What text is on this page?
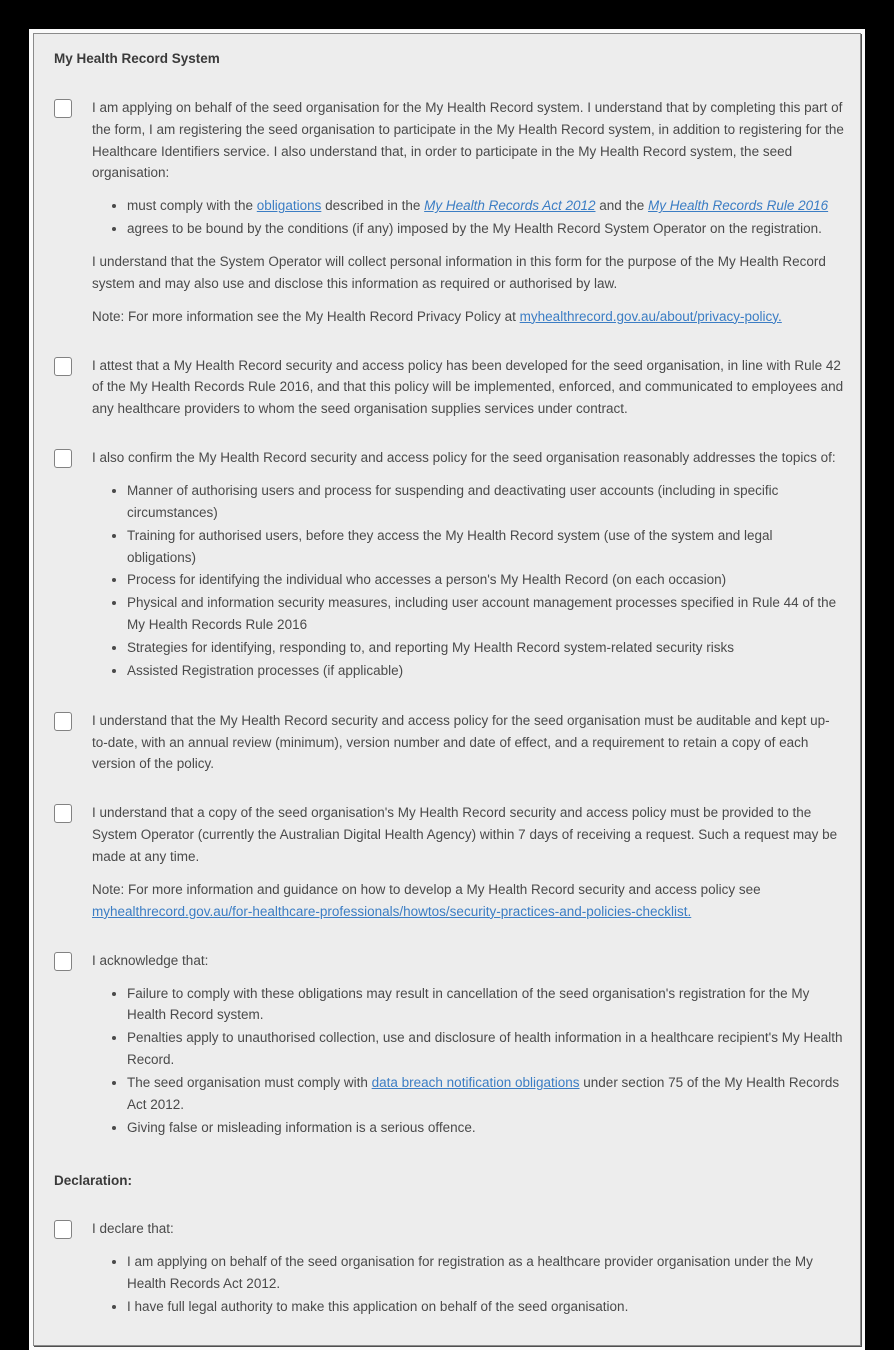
My Health Record System

I am applying on behalf of the seed organisation for the My Health Record system. I understand that by completing this part of the form, I am registering the seed organisation to participate in the My Health Record system, in addition to registering for the Healthcare Identifiers service. I also understand that, in order to participate in the My Health Record system, the seed organisation:

• must comply with the obligations described in the My Health Records Act 2012 and the My Health Records Rule 2016
• agrees to be bound by the conditions (if any) imposed by the My Health Record System Operator on the registration.

I understand that the System Operator will collect personal information in this form for the purpose of the My Health Record system and may also use and disclose this information as required or authorised by law.

Note: For more information see the My Health Record Privacy Policy at myhealthrecord.gov.au/about/privacy-policy.

I attest that a My Health Record security and access policy has been developed for the seed organisation, in line with Rule 42 of the My Health Records Rule 2016, and that this policy will be implemented, enforced, and communicated to employees and any healthcare providers to whom the seed organisation supplies services under contract.

I also confirm the My Health Record security and access policy for the seed organisation reasonably addresses the topics of:

• Manner of authorising users and process for suspending and deactivating user accounts (including in specific circumstances)
• Training for authorised users, before they access the My Health Record system (use of the system and legal obligations)
• Process for identifying the individual who accesses a person's My Health Record (on each occasion)
• Physical and information security measures, including user account management processes specified in Rule 44 of the My Health Records Rule 2016
• Strategies for identifying, responding to, and reporting My Health Record system-related security risks
• Assisted Registration processes (if applicable)

I understand that the My Health Record security and access policy for the seed organisation must be auditable and kept up-to-date, with an annual review (minimum), version number and date of effect, and a requirement to retain a copy of each version of the policy.

I understand that a copy of the seed organisation's My Health Record security and access policy must be provided to the System Operator (currently the Australian Digital Health Agency) within 7 days of receiving a request. Such a request may be made at any time.

Note: For more information and guidance on how to develop a My Health Record security and access policy see myhealthrecord.gov.au/for-healthcare-professionals/howtos/security-practices-and-policies-checklist.

I acknowledge that:

• Failure to comply with these obligations may result in cancellation of the seed organisation's registration for the My Health Record system.
• Penalties apply to unauthorised collection, use and disclosure of health information in a healthcare recipient's My Health Record.
• The seed organisation must comply with data breach notification obligations under section 75 of the My Health Records Act 2012.
• Giving false or misleading information is a serious offence.
Declaration:

I declare that:

• I am applying on behalf of the seed organisation for registration as a healthcare provider organisation under the My Health Records Act 2012.
• I have full legal authority to make this application on behalf of the seed organisation.
